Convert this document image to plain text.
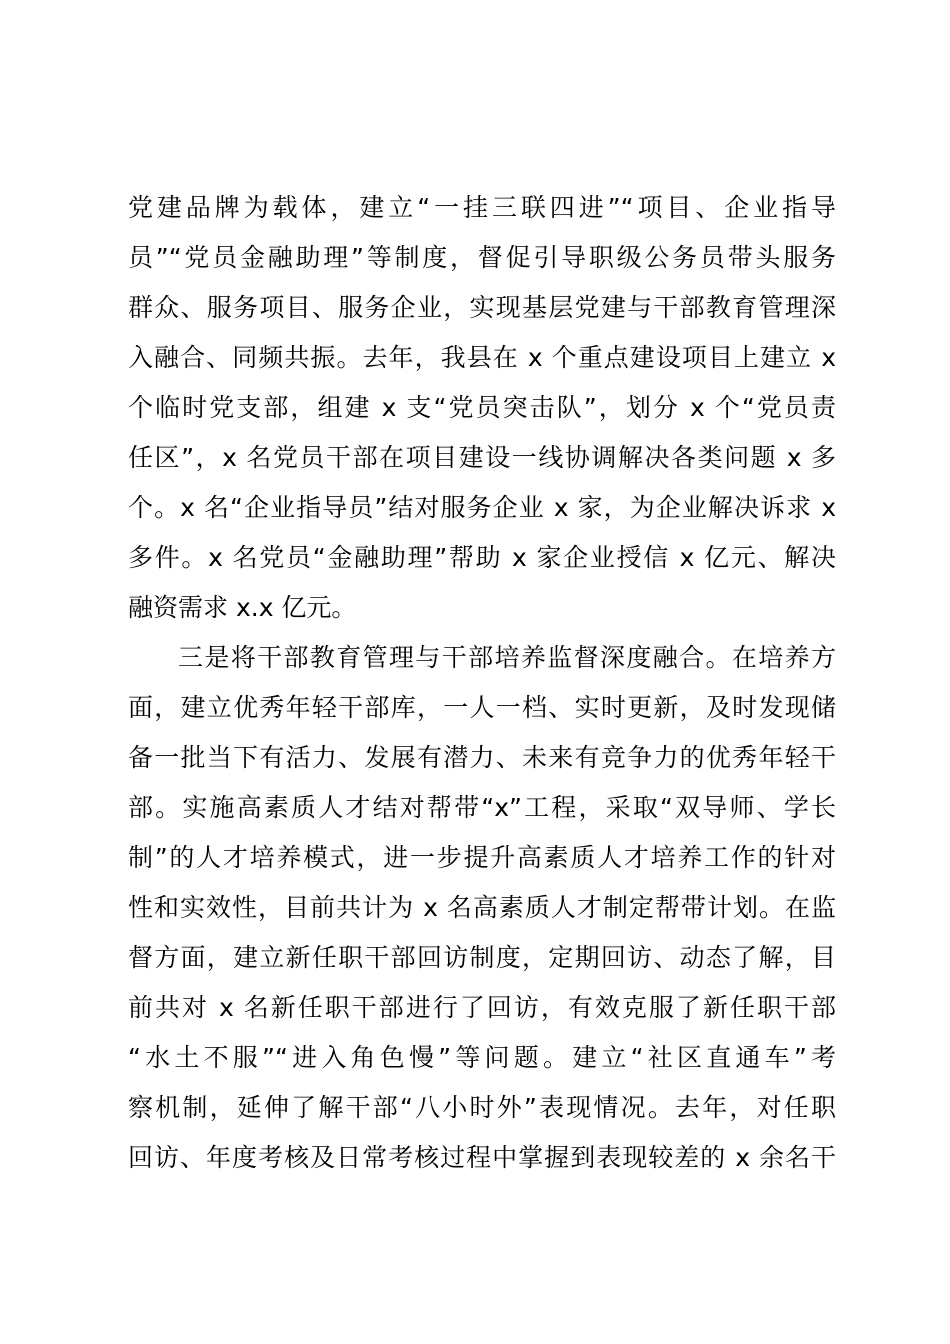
党建品牌为载体，建立“一挂三联四进”“项目、企业指导
员”“党员金融助理”等制度，督促引导职级公务员带头服务
群众、服务项目、服务企业，实现基层党建与干部教育管理深
入融合、同频共振。去年，我县在 x 个重点建设项目上建立 x
个临时党支部，组建 x 支“党员突击队”，划分 x 个“党员责
任区”，x 名党员干部在项目建设一线协调解决各类问题 x 多
个。x 名“企业指导员”结对服务企业 x 家，为企业解决诉求 x
多件。x 名党员“金融助理”帮助 x 家企业授信 x 亿元、解决
融资需求 x.x 亿元。
三是将干部教育管理与干部培养监督深度融合。在培养方
面，建立优秀年轻干部库，一人一档、实时更新，及时发现储
备一批当下有活力、发展有潜力、未来有竞争力的优秀年轻干
部。实施高素质人才结对帮带“x”工程，采取“双导师、学长
制”的人才培养模式，进一步提升高素质人才培养工作的针对
性和实效性，目前共计为 x 名高素质人才制定帮带计划。在监
督方面，建立新任职干部回访制度，定期回访、动态了解，目
前共对 x 名新任职干部进行了回访，有效克服了新任职干部
“水土不服”“进入角色慢”等问题。建立“社区直通车”考
察机制，延伸了解干部“八小时外”表现情况。去年，对任职
回访、年度考核及日常考核过程中掌握到表现较差的 x 余名干
